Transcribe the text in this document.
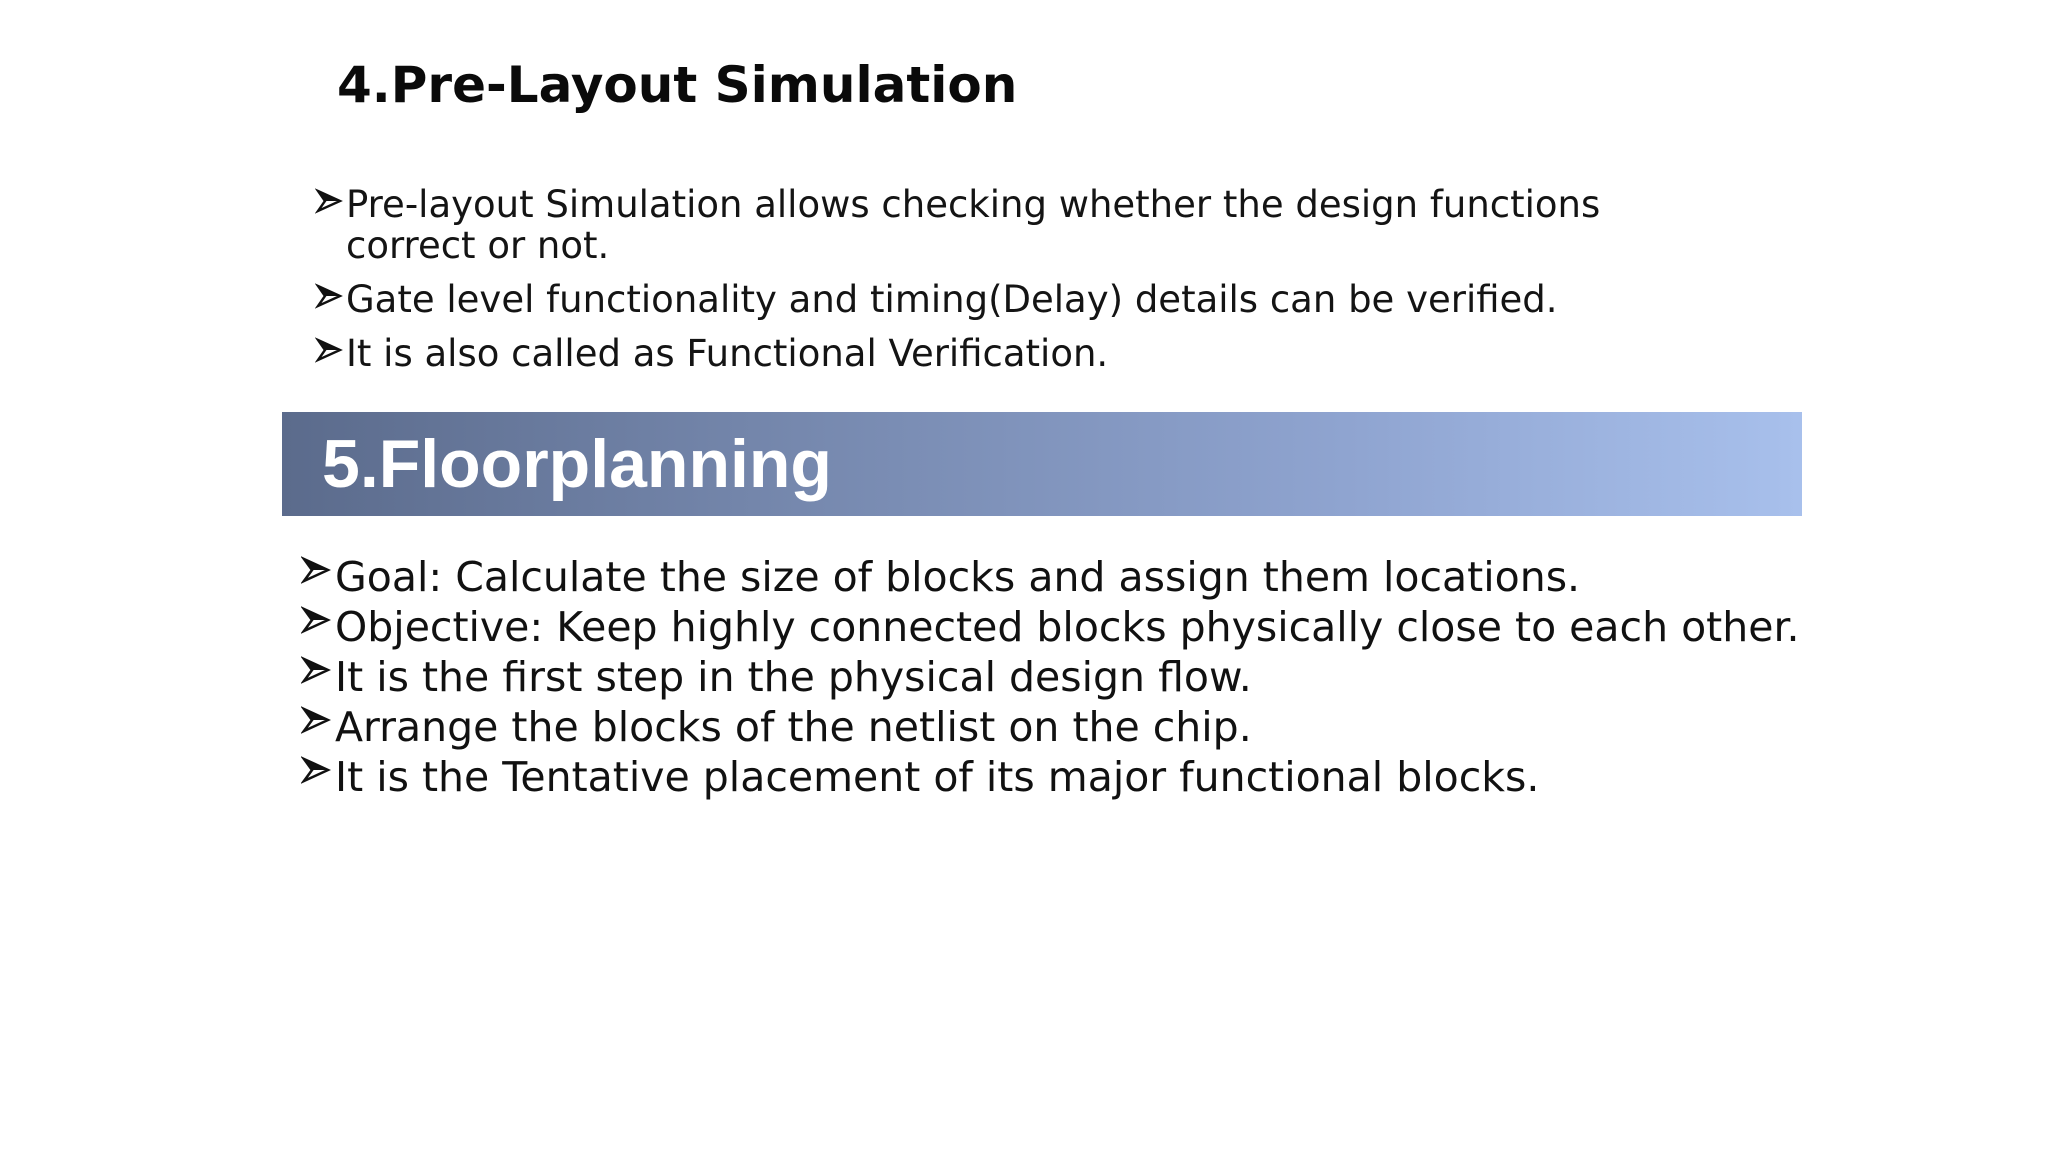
4.Pre-Layout Simulation
Pre-layout Simulation allows checking whether the design functions correct or not.
Gate level functionality and timing(Delay) details can be verified.
It is also called as Functional Verification.
5.Floorplanning
Goal: Calculate the size of blocks and assign them locations.
Objective: Keep highly connected blocks physically close to each other.
It is the first step in the physical design flow.
Arrange the blocks of the netlist on the chip.
It is the Tentative placement of its major functional blocks.
